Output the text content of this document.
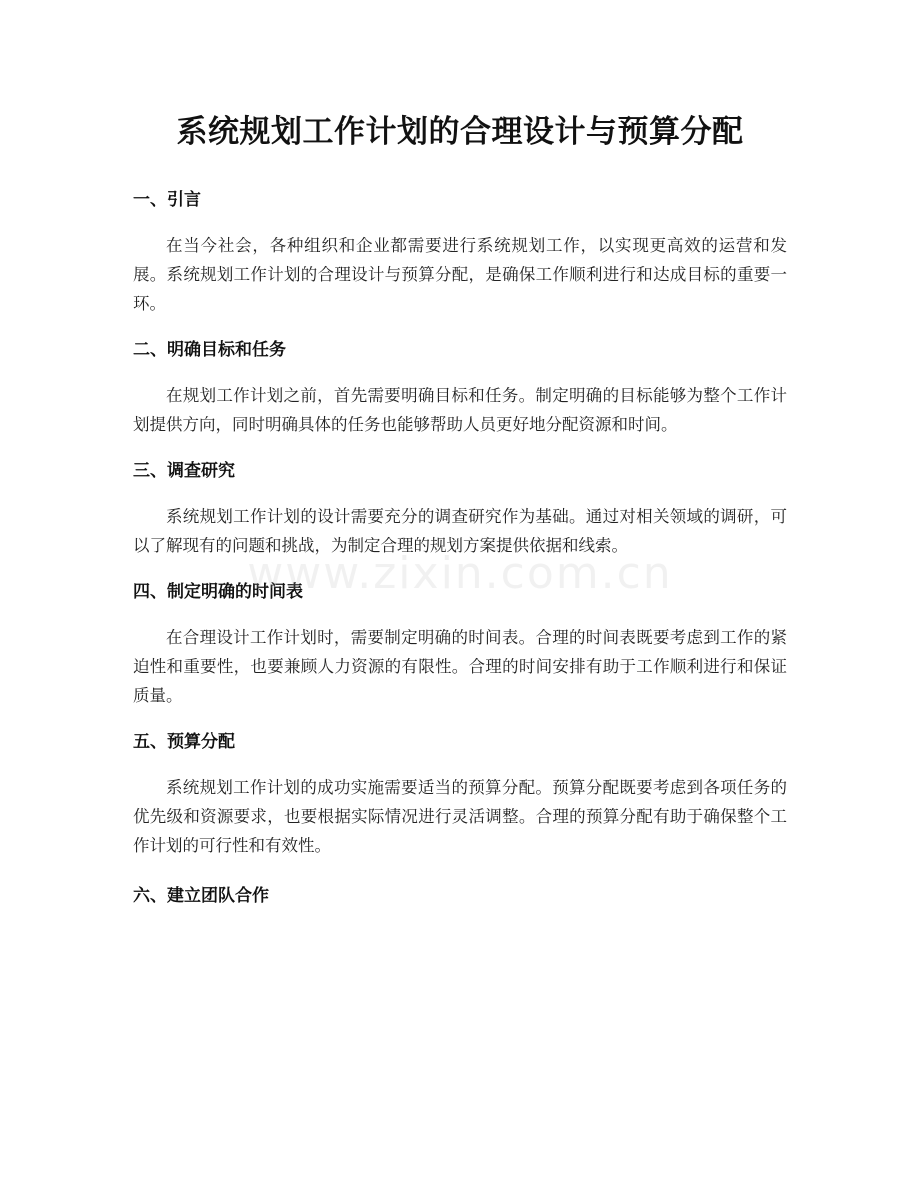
系统规划工作计划的合理设计与预算分配
一、引言

在当今社会，各种组织和企业都需要进行系统规划工作，以实现更高效的运营和发展。系统规划工作计划的合理设计与预算分配，是确保工作顺利进行和达成目标的重要一环。

二、明确目标和任务

在规划工作计划之前，首先需要明确目标和任务。制定明确的目标能够为整个工作计划提供方向，同时明确具体的任务也能够帮助人员更好地分配资源和时间。

三、调查研究

系统规划工作计划的设计需要充分的调查研究作为基础。通过对相关领域的调研，可以了解现有的问题和挑战，为制定合理的规划方案提供依据和线索。

四、制定明确的时间表

在合理设计工作计划时，需要制定明确的时间表。合理的时间表既要考虑到工作的紧迫性和重要性，也要兼顾人力资源的有限性。合理的时间安排有助于工作顺利进行和保证质量。

五、预算分配

系统规划工作计划的成功实施需要适当的预算分配。预算分配既要考虑到各项任务的优先级和资源要求，也要根据实际情况进行灵活调整。合理的预算分配有助于确保整个工作计划的可行性和有效性。

六、建立团队合作
www.zixin.com.cn
